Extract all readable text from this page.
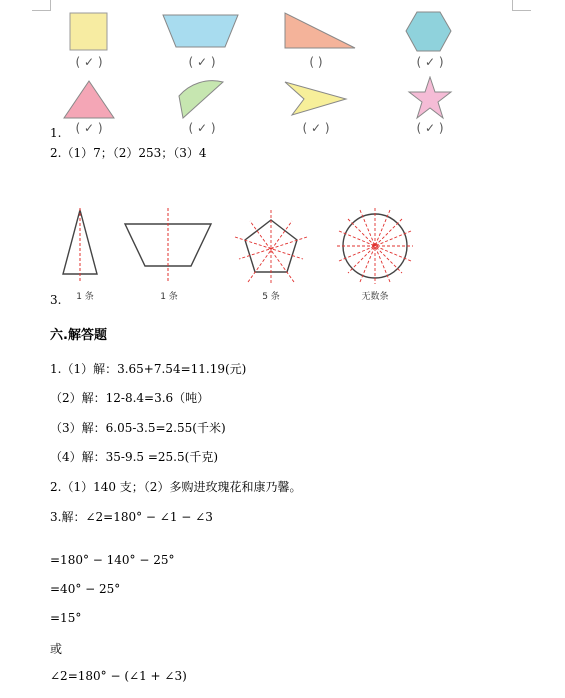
( ✓ )	( ✓ )	( )	( ✓ )
1.	( ✓ )	( ✓ )	( ✓ )	( ✓ )
2.（1）7；（2）253；（3）4
3.	1 条	1 条	5 条	无数条
六.解答题
1.（1）解：3.65+7.54=11.19(元)
（2）解：12-8.4=3.6（吨）
（3）解：6.05-3.5=2.55(千米)
（4）解：35-9.5 =25.5(千克)
2.（1）140 支；（2）多购进玫瑰花和康乃馨。
3.解：∠2=180° − ∠1 − ∠3
=180° − 140° − 25°
=40° − 25°
=15°
或
∠2=180° − (∠1 + ∠3)
